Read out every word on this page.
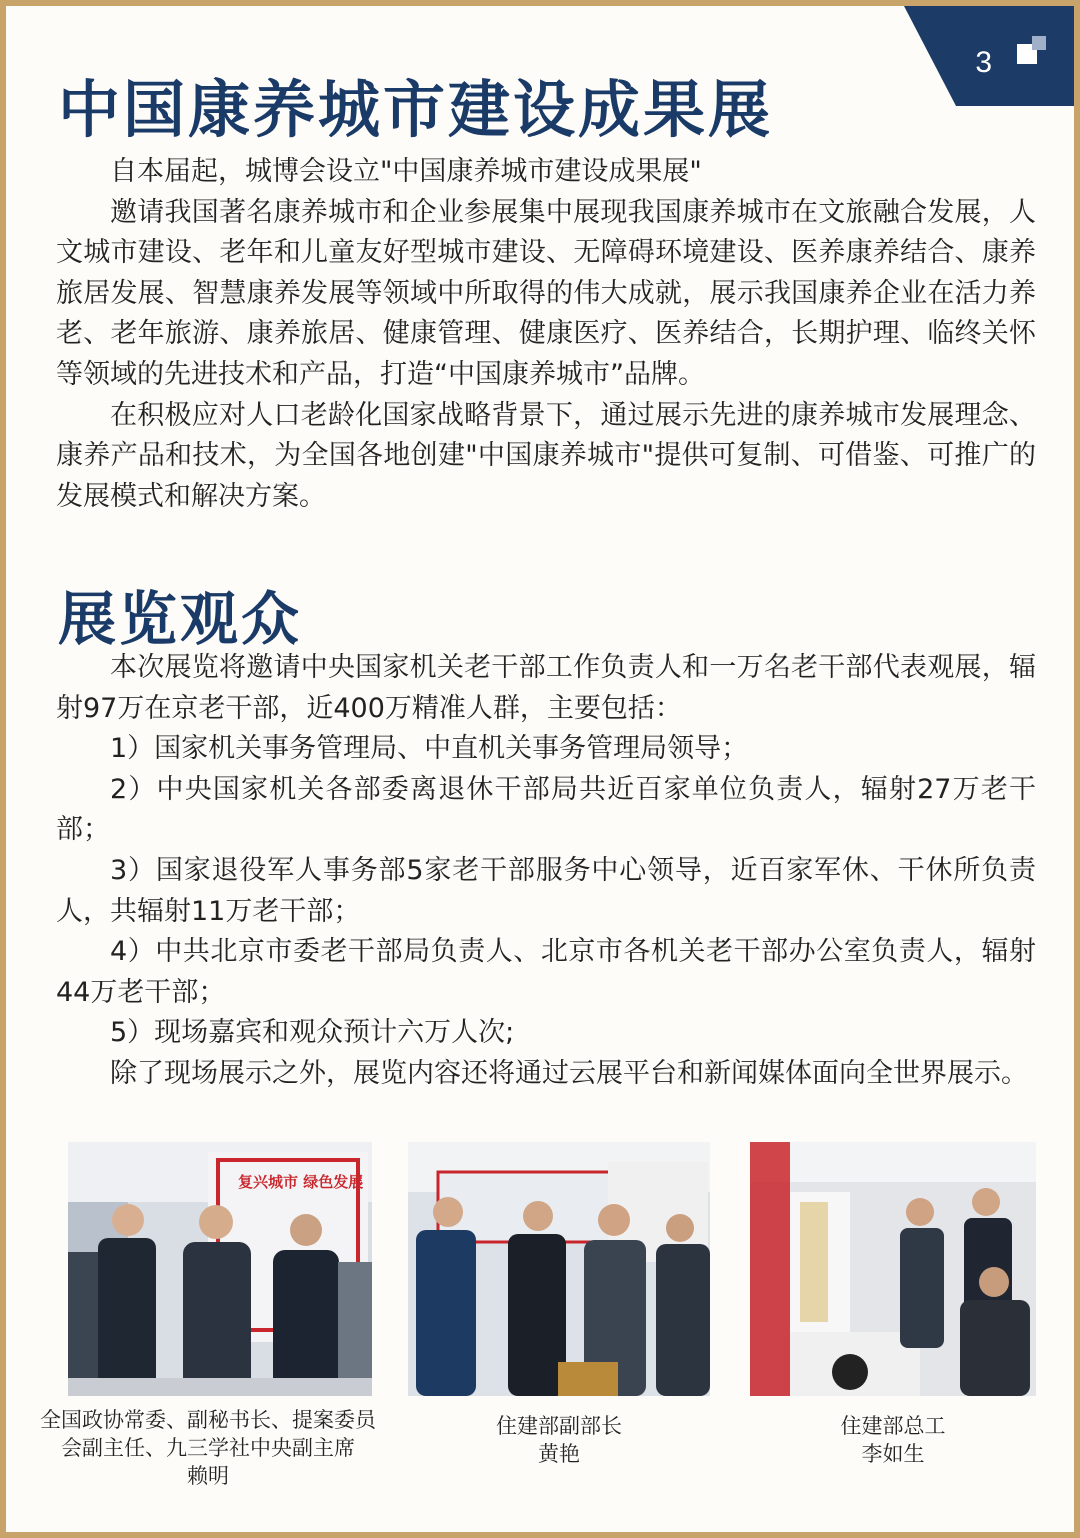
3
中国康养城市建设成果展

自本届起，城博会设立"中国康养城市建设成果展"

邀请我国著名康养城市和企业参展集中展现我国康养城市在文旅融合发展，人文城市建设、老年和儿童友好型城市建设、无障碍环境建设、医养康养结合、康养旅居发展、智慧康养发展等领域中所取得的伟大成就，展示我国康养企业在活力养老、老年旅游、康养旅居、健康管理、健康医疗、医养结合，长期护理、临终关怀等领域的先进技术和产品，打造“中国康养城市”品牌。

在积极应对人口老龄化国家战略背景下，通过展示先进的康养城市发展理念、康养产品和技术，为全国各地创建"中国康养城市"提供可复制、可借鉴、可推广的发展模式和解决方案。

展览观众

本次展览将邀请中央国家机关老干部工作负责人和一万名老干部代表观展，辐射97万在京老干部，近400万精准人群，主要包括：

1）国家机关事务管理局、中直机关事务管理局领导；

2）中央国家机关各部委离退休干部局共近百家单位负责人，辐射27万老干部；

3）国家退役军人事务部5家老干部服务中心领导，近百家军休、干休所负责人，共辐射11万老干部；

4）中共北京市委老干部局负责人、北京市各机关老干部办公室负责人，辐射44万老干部；

5）现场嘉宾和观众预计六万人次;

除了现场展示之外，展览内容还将通过云展平台和新闻媒体面向全世界展示。

复兴城市 绿色发展
全国政协常委、副秘书长、提案委员
会副主任、九三学社中央副主席
赖明
住建部副部长
黄艳
住建部总工
李如生
